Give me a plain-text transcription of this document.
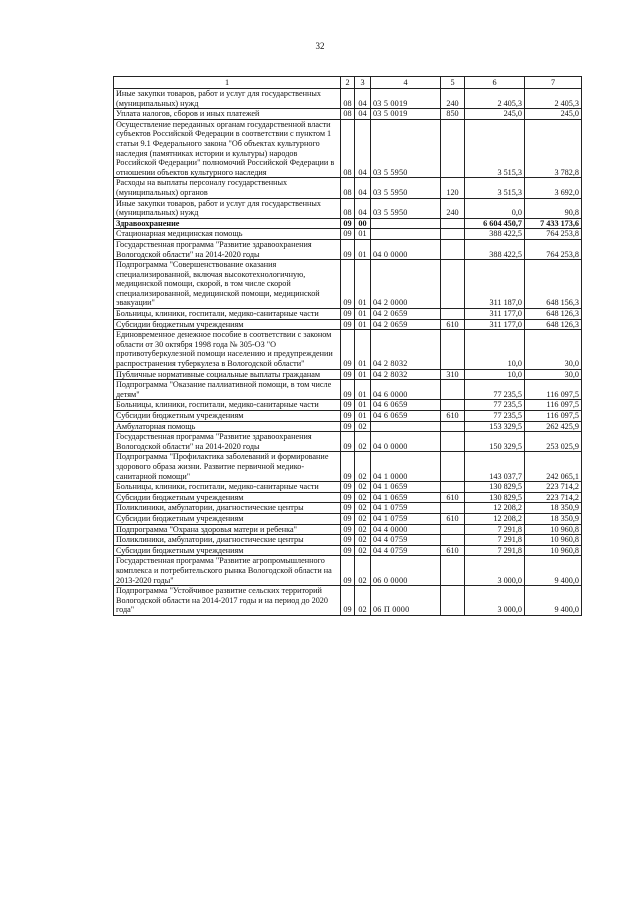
32
1	2	3	4	5	6	7
Иные закупки товаров, работ и услуг для государственных (муниципальных) нужд	08	04	03 5 0019	240	2 405,3	2 405,3
Уплата налогов, сборов и иных платежей	08	04	03 5 0019	850	245,0	245,0
Осуществление переданных органам государственной власти субъектов Российской Федерации в соответствии с пунктом 1 статьи 9.1 Федерального закона "Об объектах культурного наследия (памятниках истории и культуры) народов Российской Федерации" полномочий Российской Федерации в отношении объектов культурного наследия	08	04	03 5 5950		3 515,3	3 782,8
Расходы на выплаты персоналу государственных (муниципальных) органов	08	04	03 5 5950	120	3 515,3	3 692,0
Иные закупки товаров, работ и услуг для государственных (муниципальных) нужд	08	04	03 5 5950	240	0,0	90,8
Здравоохранение	09	00			6 604 450,7	7 433 173,6
Стационарная медицинская помощь	09	01			388 422,5	764 253,8
Государственная программа "Развитие здравоохранения Вологодской области" на 2014-2020 годы	09	01	04 0 0000		388 422,5	764 253,8
Подпрограмма "Совершенствование оказания специализированной, включая высокотехнологичную, медицинской помощи, скорой, в том числе скорой специализированной, медицинской помощи, медицинской эвакуации"	09	01	04 2 0000		311 187,0	648 156,3
Больницы, клиники, госпитали, медико-санитарные части	09	01	04 2 0659		311 177,0	648 126,3
Субсидии бюджетным учреждениям	09	01	04 2 0659	610	311 177,0	648 126,3
Единовременное денежное пособие в соответствии с законом области от 30 октября 1998 года № 305-ОЗ "О противотуберкулезной помощи населению и предупреждении распространения туберкулеза в Вологодской области"	09	01	04 2 8032		10,0	30,0
Публичные нормативные социальные выплаты гражданам	09	01	04 2 8032	310	10,0	30,0
Подпрограмма "Оказание паллиативной помощи, в том числе детям"	09	01	04 6 0000		77 235,5	116 097,5
Больницы, клиники, госпитали, медико-санитарные части	09	01	04 6 0659		77 235,5	116 097,5
Субсидии бюджетным учреждениям	09	01	04 6 0659	610	77 235,5	116 097,5
Амбулаторная помощь	09	02			153 329,5	262 425,9
Государственная программа "Развитие здравоохранения Вологодской области" на 2014-2020 годы	09	02	04 0 0000		150 329,5	253 025,9
Подпрограмма "Профилактика заболеваний и формирование здорового образа жизни. Развитие первичной медико-санитарной помощи"	09	02	04 1 0000		143 037,7	242 065,1
Больницы, клиники, госпитали, медико-санитарные части	09	02	04 1 0659		130 829,5	223 714,2
Субсидии бюджетным учреждениям	09	02	04 1 0659	610	130 829,5	223 714,2
Поликлиники, амбулатории, диагностические центры	09	02	04 1 0759		12 208,2	18 350,9
Субсидии бюджетным учреждениям	09	02	04 1 0759	610	12 208,2	18 350,9
Подпрограмма "Охрана здоровья матери и ребенка"	09	02	04 4 0000		7 291,8	10 960,8
Поликлиники, амбулатории, диагностические центры	09	02	04 4 0759		7 291,8	10 960,8
Субсидии бюджетным учреждениям	09	02	04 4 0759	610	7 291,8	10 960,8
Государственная программа "Развитие агропромышленного комплекса и потребительского рынка Вологодской области на 2013-2020 годы"	09	02	06 0 0000		3 000,0	9 400,0
Подпрограмма "Устойчивое развитие сельских территорий Вологодской области на 2014-2017 годы и на период до 2020 года"	09	02	06 П 0000		3 000,0	9 400,0
